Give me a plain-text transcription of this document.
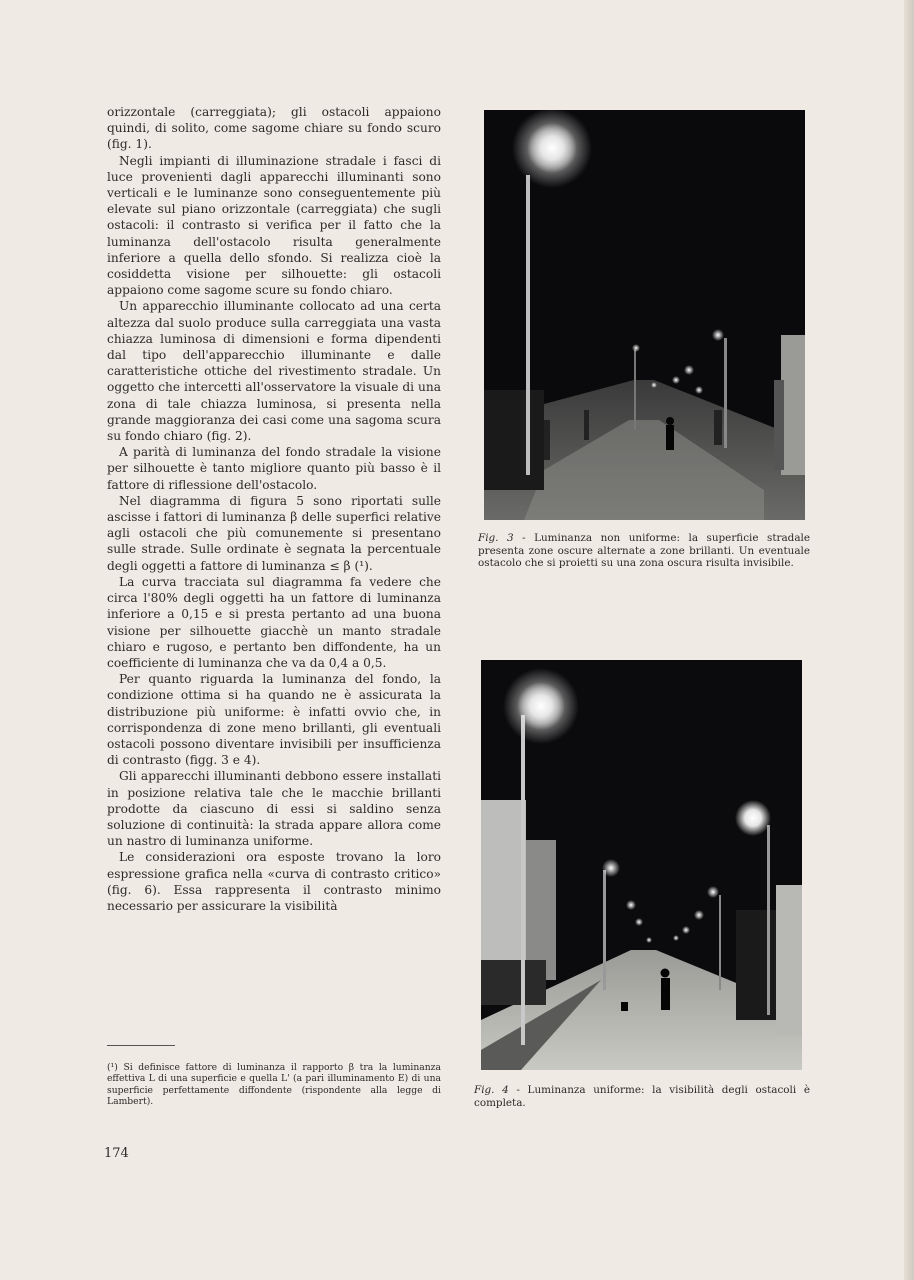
orizzontale (carreggiata); gli ostacoli appaiono quindi, di solito, come sagome chiare su fondo scuro (fig. 1).

Negli impianti di illuminazione stradale i fasci di luce provenienti dagli apparecchi illuminanti sono verticali e le luminanze sono conseguentemente più elevate sul piano orizzontale (carreggiata) che sugli ostacoli: il contrasto si verifica per il fatto che la luminanza dell'ostacolo risulta generalmente inferiore a quella dello sfondo. Si realizza cioè la cosiddetta visione per silhouette: gli ostacoli appaiono come sagome scure su fondo chiaro.

Un apparecchio illuminante collocato ad una certa altezza dal suolo produce sulla carreggiata una vasta chiazza luminosa di dimensioni e forma dipendenti dal tipo dell'apparecchio illuminante e dalle caratteristiche ottiche del rivestimento stradale. Un oggetto che intercetti all'osservatore la visuale di una zona di tale chiazza luminosa, si presenta nella grande maggioranza dei casi come una sagoma scura su fondo chiaro (fig. 2).

A parità di luminanza del fondo stradale la visione per silhouette è tanto migliore quanto più basso è il fattore di riflessione dell'ostacolo.

Nel diagramma di figura 5 sono riportati sulle ascisse i fattori di luminanza β delle superfici relative agli ostacoli che più comunemente si presentano sulle strade. Sulle ordinate è segnata la percentuale degli oggetti a fattore di luminanza ≤ β (¹).

La curva tracciata sul diagramma fa vedere che circa l'80% degli oggetti ha un fattore di luminanza inferiore a 0,15 e si presta pertanto ad una buona visione per silhouette giacchè un manto stradale chiaro e rugoso, e pertanto ben diffondente, ha un coefficiente di luminanza che va da 0,4 a 0,5.

Per quanto riguarda la luminanza del fondo, la condizione ottima si ha quando ne è assicurata la distribuzione più uniforme: è infatti ovvio che, in corrispondenza di zone meno brillanti, gli eventuali ostacoli possono diventare invisibili per insufficienza di contrasto (figg. 3 e 4).

Gli apparecchi illuminanti debbono essere installati in posizione relativa tale che le macchie brillanti prodotte da ciascuno di essi si saldino senza soluzione di continuità: la strada appare allora come un nastro di luminanza uniforme.

Le considerazioni ora esposte trovano la loro espressione grafica nella «curva di contrasto critico» (fig. 6). Essa rappresenta il contrasto minimo necessario per assicurare la visibilità

(¹) Si definisce fattore di luminanza il rapporto β tra la luminanza effettiva L di una superficie e quella L' (a pari illuminamento E) di una superficie perfettamente diffondente (rispondente alla legge di Lambert).
174
Fig. 3 - Luminanza non uniforme: la superficie stradale presenta zone oscure alternate a zone brillanti. Un eventuale ostacolo che si proietti su una zona oscura risulta invisibile.
Fig. 4 - Luminanza uniforme: la visibilità degli ostacoli è completa.
